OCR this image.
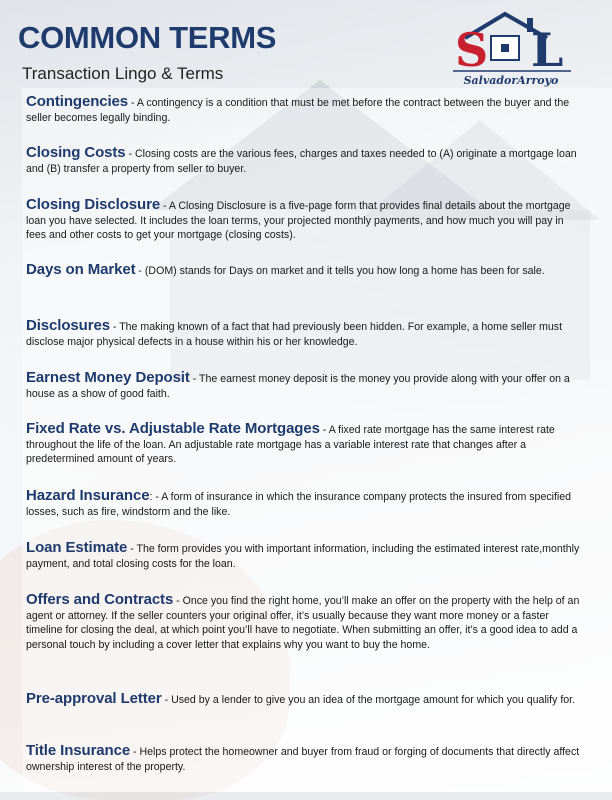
COMMON TERMS
Transaction Lingo & Terms	S L
SalvadorArroyo

Contingencies - A contingency is a condition that must be met before the contract between the buyer and the seller becomes legally binding.

Closing Costs - Closing costs are the various fees, charges and taxes needed to (A) originate a mortgage loan and (B) transfer a property from seller to buyer.

Closing Disclosure - A Closing Disclosure is a five-page form that provides final details about the mortgage loan you have selected. It includes the loan terms, your projected monthly payments, and how much you will pay in fees and other costs to get your mortgage (closing costs).

Days on Market - (DOM) stands for Days on market and it tells you how long a home has been for sale.

Disclosures - The making known of a fact that had previously been hidden. For example, a home seller must disclose major physical defects in a house within his or her knowledge.

Earnest Money Deposit - The earnest money deposit is the money you provide along with your offer on a house as a show of good faith.

Fixed Rate vs. Adjustable Rate Mortgages - A fixed rate mortgage has the same interest rate throughout the life of the loan. An adjustable rate mortgage has a variable interest rate that changes after a predetermined amount of years.

Hazard Insurance: - A form of insurance in which the insurance company protects the insured from specified losses, such as fire, windstorm and the like.

Loan Estimate - The form provides you with important information, including the estimated interest rate,monthly payment, and total closing costs for the loan.

Offers and Contracts - Once you find the right home, you’ll make an offer on the property with the help of an agent or attorney. If the seller counters your original offer, it’s usually because they want more money or a faster timeline for closing the deal, at which point you’ll have to negotiate. When submitting an offer, it’s a good idea to add a personal touch by including a cover letter that explains why you want to buy the home.

Pre-approval Letter - Used by a lender to give you an idea of the mortgage amount for which you qualify for.

Title Insurance - Helps protect the homeowner and buyer from fraud or forging of documents that directly affect ownership interest of the property.
